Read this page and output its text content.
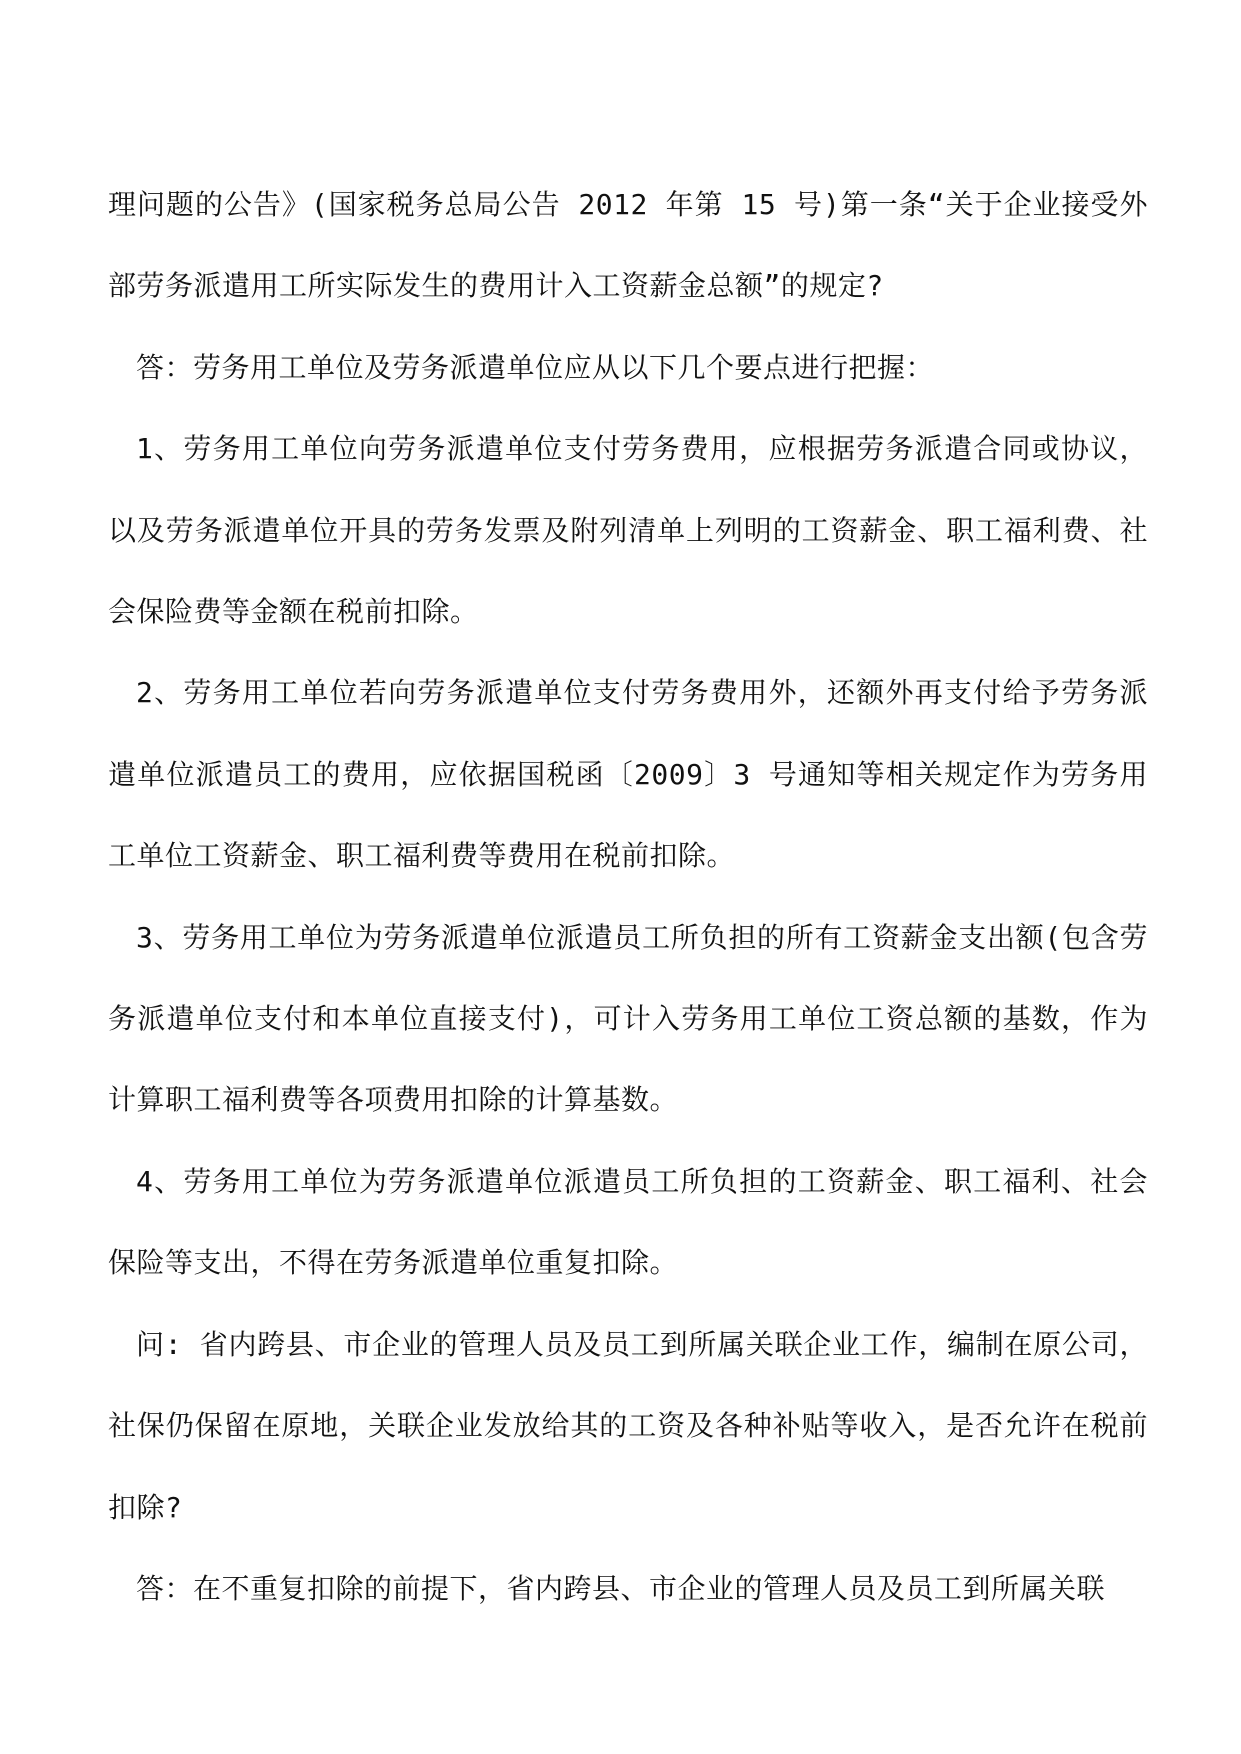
理问题的公告》(国家税务总局公告 2012 年第 15 号)第一条“关于企业接受外部劳务派遣用工所实际发生的费用计入工资薪金总额”的规定?

答：劳务用工单位及劳务派遣单位应从以下几个要点进行把握：

1、劳务用工单位向劳务派遣单位支付劳务费用，应根据劳务派遣合同或协议，以及劳务派遣单位开具的劳务发票及附列清单上列明的工资薪金、职工福利费、社会保险费等金额在税前扣除。

2、劳务用工单位若向劳务派遣单位支付劳务费用外，还额外再支付给予劳务派遣单位派遣员工的费用，应依据国税函〔2009〕3 号通知等相关规定作为劳务用工单位工资薪金、职工福利费等费用在税前扣除。

3、劳务用工单位为劳务派遣单位派遣员工所负担的所有工资薪金支出额(包含劳务派遣单位支付和本单位直接支付)，可计入劳务用工单位工资总额的基数，作为计算职工福利费等各项费用扣除的计算基数。

4、劳务用工单位为劳务派遣单位派遣员工所负担的工资薪金、职工福利、社会保险等支出，不得在劳务派遣单位重复扣除。

问: 省内跨县、市企业的管理人员及员工到所属关联企业工作，编制在原公司，社保仍保留在原地，关联企业发放给其的工资及各种补贴等收入，是否允许在税前扣除?

答：在不重复扣除的前提下，省内跨县、市企业的管理人员及员工到所属关联
